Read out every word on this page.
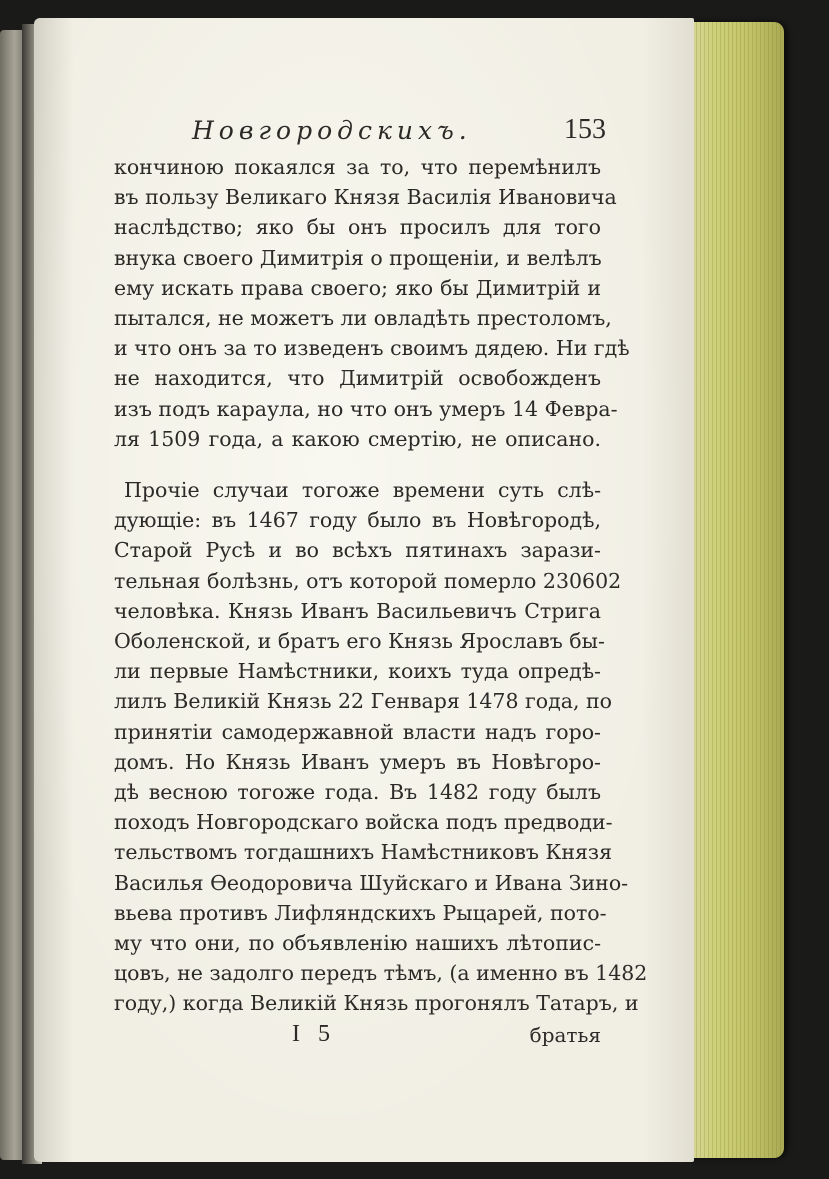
Новгородскихъ.	153
кончиною покаялся за то, что перемѣнилъ
въ пользу Великаго Князя Василія Ивановича
наслѣдство; яко бы онъ просилъ для того
внука своего Димитрія о прощеніи, и велѣлъ
ему искать права своего; яко бы Димитрій и
пытался, не можетъ ли овладѣть престоломъ,
и что онъ за то изведенъ своимъ дядею. Ни гдѣ
не находится, что Димитрій освобожденъ
изъ подъ караула, но что онъ умеръ 14 Февра-
ля 1509 года, а какою смертію, не описано.
Прочіе случаи тогоже времени суть слѣ-
дующіе: въ 1467 году было въ Новѣгородѣ,
Старой Русѣ и во всѣхъ пятинахъ зарази-
тельная болѣзнь, отъ которой померло 230602
человѣка. Князь Иванъ Васильевичъ Стрига
Оболенской, и братъ его Князь Ярославъ бы-
ли первые Намѣстники, коихъ туда опредѣ-
лилъ Великій Князь 22 Генваря 1478 года, по
принятіи самодержавной власти надъ горо-
домъ. Но Князь Иванъ умеръ въ Новѣгоро-
дѣ весною тогоже года. Въ 1482 году былъ
походъ Новгородскаго войска подъ предводи-
тельствомъ тогдашнихъ Намѣстниковъ Князя
Василья Өеодоровича Шуйскаго и Ивана Зино-
вьева противъ Лифляндскихъ Рыцарей, пото-
му что они, по объявленію нашихъ лѣтопис-
цовъ, не задолго передъ тѣмъ, (а именно въ 1482
году,) когда Великій Князь прогонялъ Татаръ, и
I 5	братья
